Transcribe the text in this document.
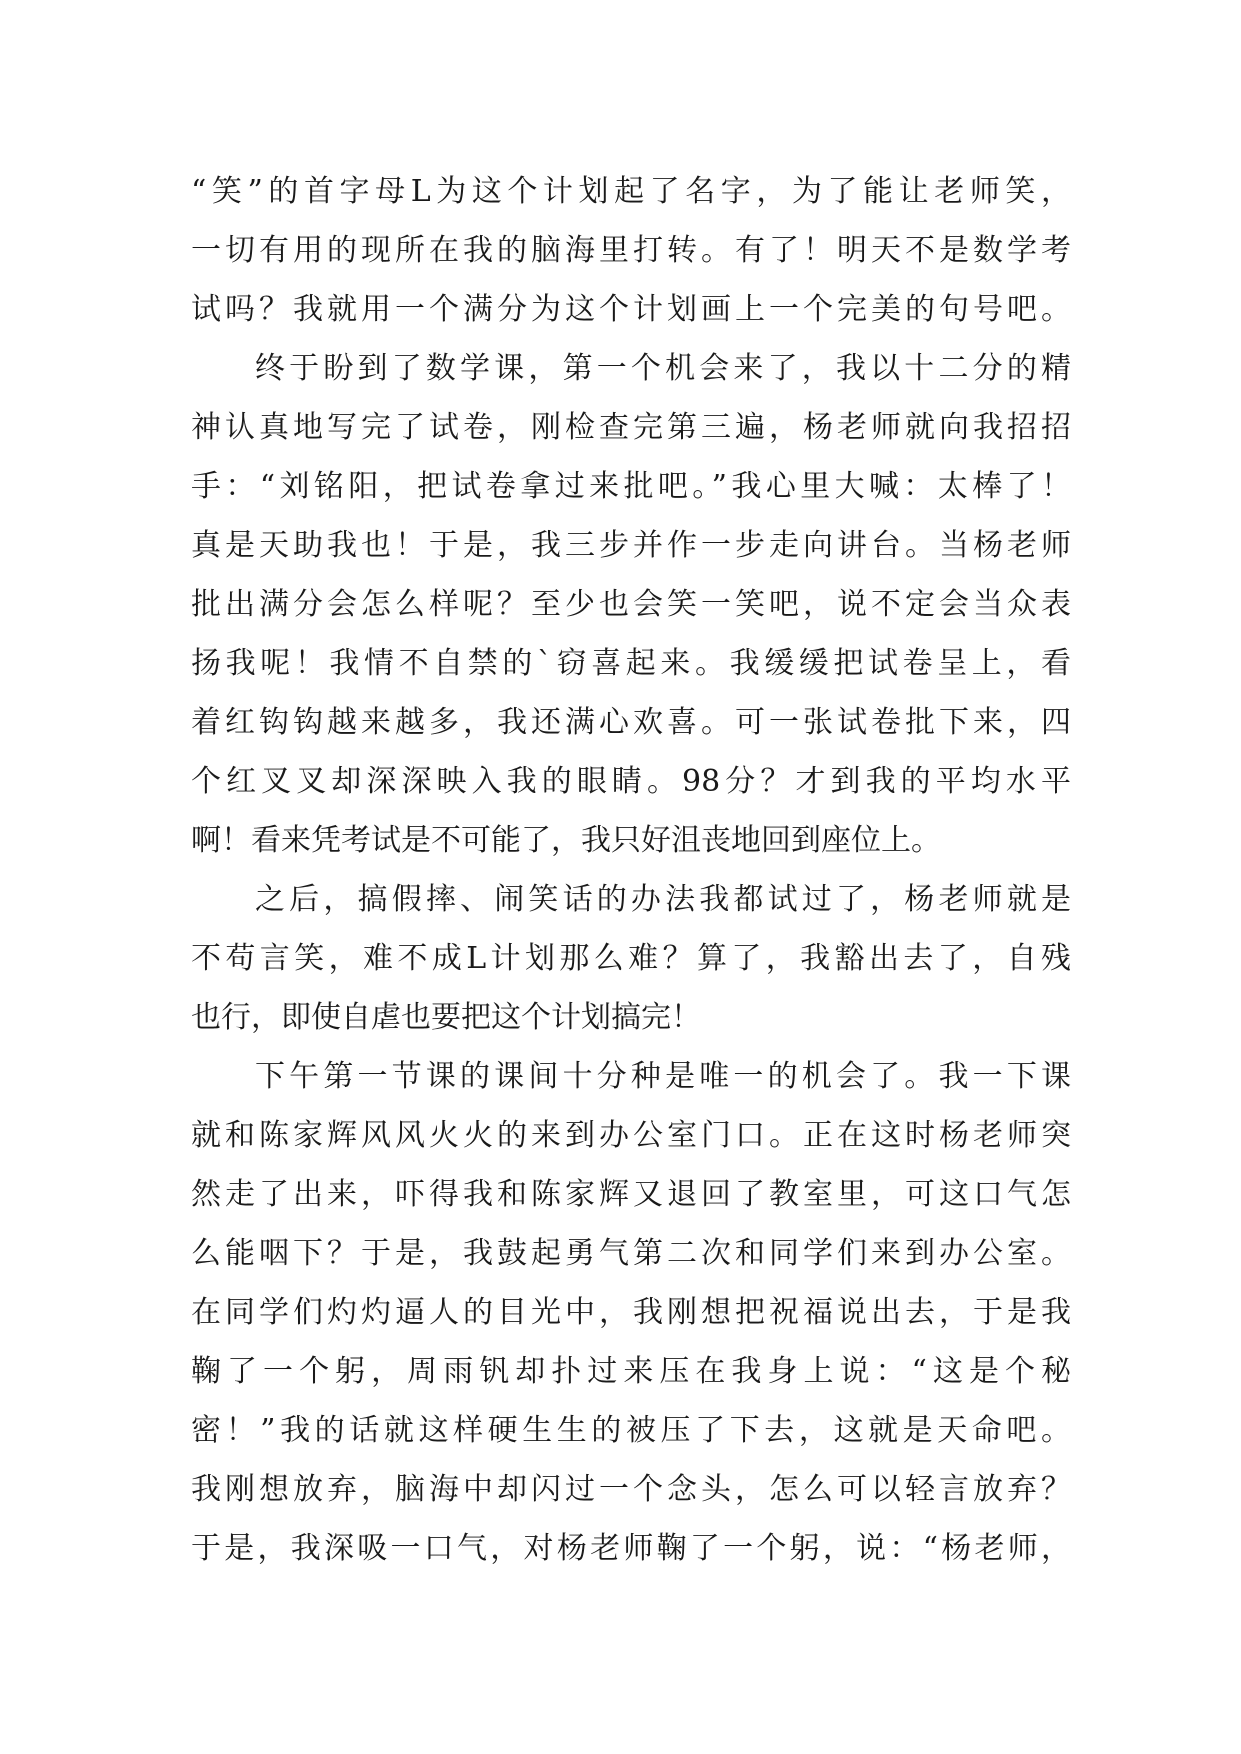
“笑”的首字母L为这个计划起了名字，为了能让老师笑，
一切有用的现所在我的脑海里打转。有了！明天不是数学考
试吗？我就用一个满分为这个计划画上一个完美的句号吧。
终于盼到了数学课，第一个机会来了，我以十二分的精
神认真地写完了试卷，刚检查完第三遍，杨老师就向我招招
手：“刘铭阳，把试卷拿过来批吧。”我心里大喊：太棒了！
真是天助我也！于是，我三步并作一步走向讲台。当杨老师
批出满分会怎么样呢？至少也会笑一笑吧，说不定会当众表
扬我呢！我情不自禁的`窃喜起来。我缓缓把试卷呈上，看
着红钩钩越来越多，我还满心欢喜。可一张试卷批下来，四
个红叉叉却深深映入我的眼睛。98分？才到我的平均水平
啊！看来凭考试是不可能了，我只好沮丧地回到座位上。
之后，搞假摔、闹笑话的办法我都试过了，杨老师就是
不苟言笑，难不成L计划那么难？算了，我豁出去了，自残
也行，即使自虐也要把这个计划搞完！
下午第一节课的课间十分种是唯一的机会了。我一下课
就和陈家辉风风火火的来到办公室门口。正在这时杨老师突
然走了出来，吓得我和陈家辉又退回了教室里，可这口气怎
么能咽下？于是，我鼓起勇气第二次和同学们来到办公室。
在同学们灼灼逼人的目光中，我刚想把祝福说出去，于是我
鞠了一个躬，周雨钒却扑过来压在我身上说：“这是个秘
密！”我的话就这样硬生生的被压了下去，这就是天命吧。
我刚想放弃，脑海中却闪过一个念头，怎么可以轻言放弃？
于是，我深吸一口气，对杨老师鞠了一个躬，说：“杨老师，
